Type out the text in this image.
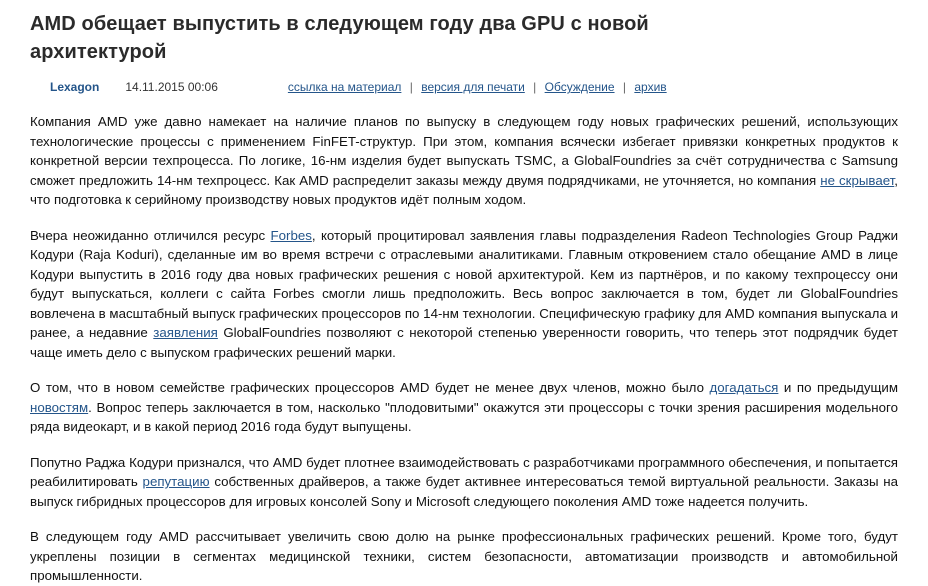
AMD обещает выпустить в следующем году два GPU с новой архитектурой
Lexagon 14.11.2015 00:06	ссылка на материал | версия для печати | Обсуждение | архив

Компания AMD уже давно намекает на наличие планов по выпуску в следующем году новых графических решений, использующих технологические процессы с применением FinFET-структур. При этом, компания всячески избегает привязки конкретных продуктов к конкретной версии техпроцесса. По логике, 16-нм изделия будет выпускать TSMC, а GlobalFoundries за счёт сотрудничества с Samsung сможет предложить 14-нм техпроцесс. Как AMD распределит заказы между двумя подрядчиками, не уточняется, но компания не скрывает, что подготовка к серийному производству новых продуктов идёт полным ходом.

Вчера неожиданно отличился ресурс Forbes, который процитировал заявления главы подразделения Radeon Technologies Group Раджи Кодури (Raja Koduri), сделанные им во время встречи с отраслевыми аналитиками. Главным откровением стало обещание AMD в лице Кодури выпустить в 2016 году два новых графических решения с новой архитектурой. Кем из партнёров, и по какому техпроцессу они будут выпускаться, коллеги с сайта Forbes смогли лишь предположить. Весь вопрос заключается в том, будет ли GlobalFoundries вовлечена в масштабный выпуск графических процессоров по 14-нм технологии. Специфическую графику для AMD компания выпускала и ранее, а недавние заявления GlobalFoundries позволяют с некоторой степенью уверенности говорить, что теперь этот подрядчик будет чаще иметь дело с выпуском графических решений марки.

О том, что в новом семействе графических процессоров AMD будет не менее двух членов, можно было догадаться и по предыдущим новостям. Вопрос теперь заключается в том, насколько "плодовитыми" окажутся эти процессоры с точки зрения расширения модельного ряда видеокарт, и в какой период 2016 года будут выпущены.

Попутно Раджа Кодури признался, что AMD будет плотнее взаимодействовать с разработчиками программного обеспечения, и попытается реабилитировать репутацию собственных драйверов, а также будет активнее интересоваться темой виртуальной реальности. Заказы на выпуск гибридных процессоров для игровых консолей Sony и Microsoft следующего поколения AMD тоже надеется получить.

В следующем году AMD рассчитывает увеличить свою долю на рынке профессиональных графических решений. Кроме того, будут укреплены позиции в сегментах медицинской техники, систем безопасности, автоматизации производств и автомобильной промышленности.
